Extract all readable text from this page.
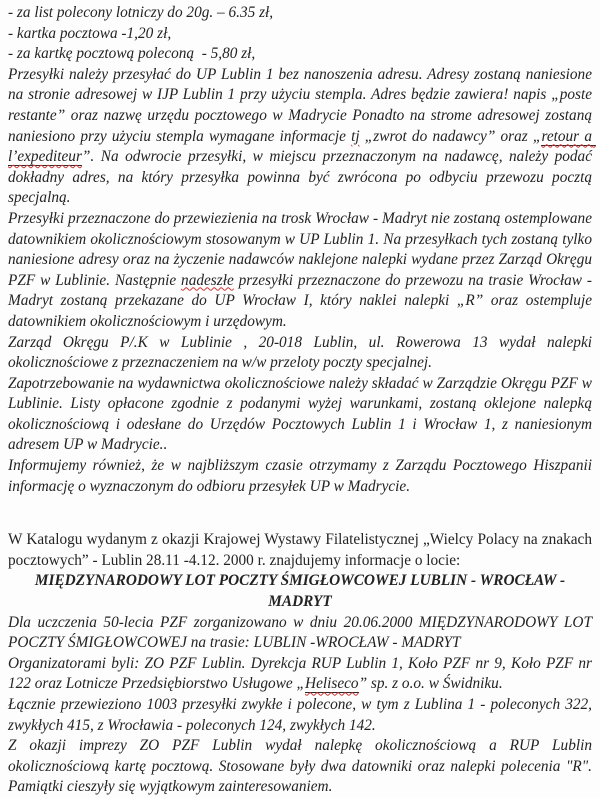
- za list polecony lotniczy do 20g. – 6.35 zł,

- kartka pocztowa -1,20 zł,

- za kartkę pocztową poleconą  - 5,80 zł,

Przesyłki należy przesyłać do UP Lublin 1 bez nanoszenia adresu. Adresy zostaną naniesione na stronie adresowej w IJP Lublin 1 przy użyciu stempla. Adres będzie zawiera! napis „poste restante” oraz nazwę urzędu pocztowego w Madrycie Ponadto na strome adresowej zostaną naniesiono przy użyciu stempla wymagane informacje tj „zwrot do nadawcy” oraz „retour a l’expediteur”. Na odwrocie przesyłki, w miejscu przeznaczonym na nadawcę, należy podać dokładny adres, na który przesyłka powinna być zwrócona po odbyciu przewozu pocztą specjalną.

Przesyłki przeznaczone do przewiezienia na trosk Wrocław - Madryt nie zostaną ostemplowane datownikiem okolicznościowym stosowanym w UP Lublin 1. Na przesyłkach tych zostaną tylko naniesione adresy oraz na życzenie nadawców naklejone nalepki wydane przez Zarząd Okręgu PZF w Lublinie. Następnie nadeszłe przesyłki przeznaczone do przewozu na trasie Wrocław - Madryt zostaną przekazane do UP Wrocław I, który naklei nalepki „R” oraz ostempluje datownikiem okolicznościowym i urzędowym.

Zarząd Okręgu P/.K w Lublinie , 20-018 Lublin, ul. Rowerowa 13 wydał nalepki okolicznościowe z przeznaczeniem na w/w przeloty poczty specjalnej.

Zapotrzebowanie na wydawnictwa okolicznościowe należy składać w Zarządzie Okręgu PZF w Lublinie. Listy opłacone zgodnie z podanymi wyżej warunkami, zostaną oklejone nalepką okolicznościową i odesłane do Urzędów Pocztowych Lublin 1 i Wrocław 1, z naniesionym adresem UP w Madrycie..

Informujemy również, że w najbliższym czasie otrzymamy z Zarządu Pocztowego Hiszpanii informację o wyznaczonym do odbioru przesyłek UP w Madrycie.

W Katalogu wydanym z okazji Krajowej Wystawy Filatelistycznej „Wielcy Polacy na znakach pocztowych” - Lublin 28.11 -4.12. 2000 r. znajdujemy informacje o locie:

MIĘDZYNARODOWY LOT POCZTY ŚMIGŁOWCOWEJ LUBLIN - WROCŁAW - MADRYT

Dla uczczenia 50-lecia PZF zorganizowano w dniu 20.06.2000 MIĘDZYNARODOWY LOT POCZTY ŚMIGŁOWCOWEJ na trasie: LUBLIN -WROCŁAW - MADRYT

Organizatorami byli: ZO PZF Lublin. Dyrekcja RUP Lublin 1, Koło PZF nr 9, Koło PZF nr 122 oraz Lotnicze Przedsiębiorstwo Usługowe „Heliseco” sp. z o.o. w Świdniku.

Łącznie przewieziono 1003 przesyłki zwykłe i polecone, w tym z Lublina 1 - poleconych 322, zwykłych 415, z Wrocławia - poleconych 124, zwykłych 142.

Z okazji imprezy ZO PZF Lublin wydał nalepkę okolicznościową a RUP Lublin okolicznościową kartę pocztową. Stosowane były dwa datowniki oraz nalepki polecenia "R". Pamiątki cieszyły się wyjątkowym zainteresowaniem.
